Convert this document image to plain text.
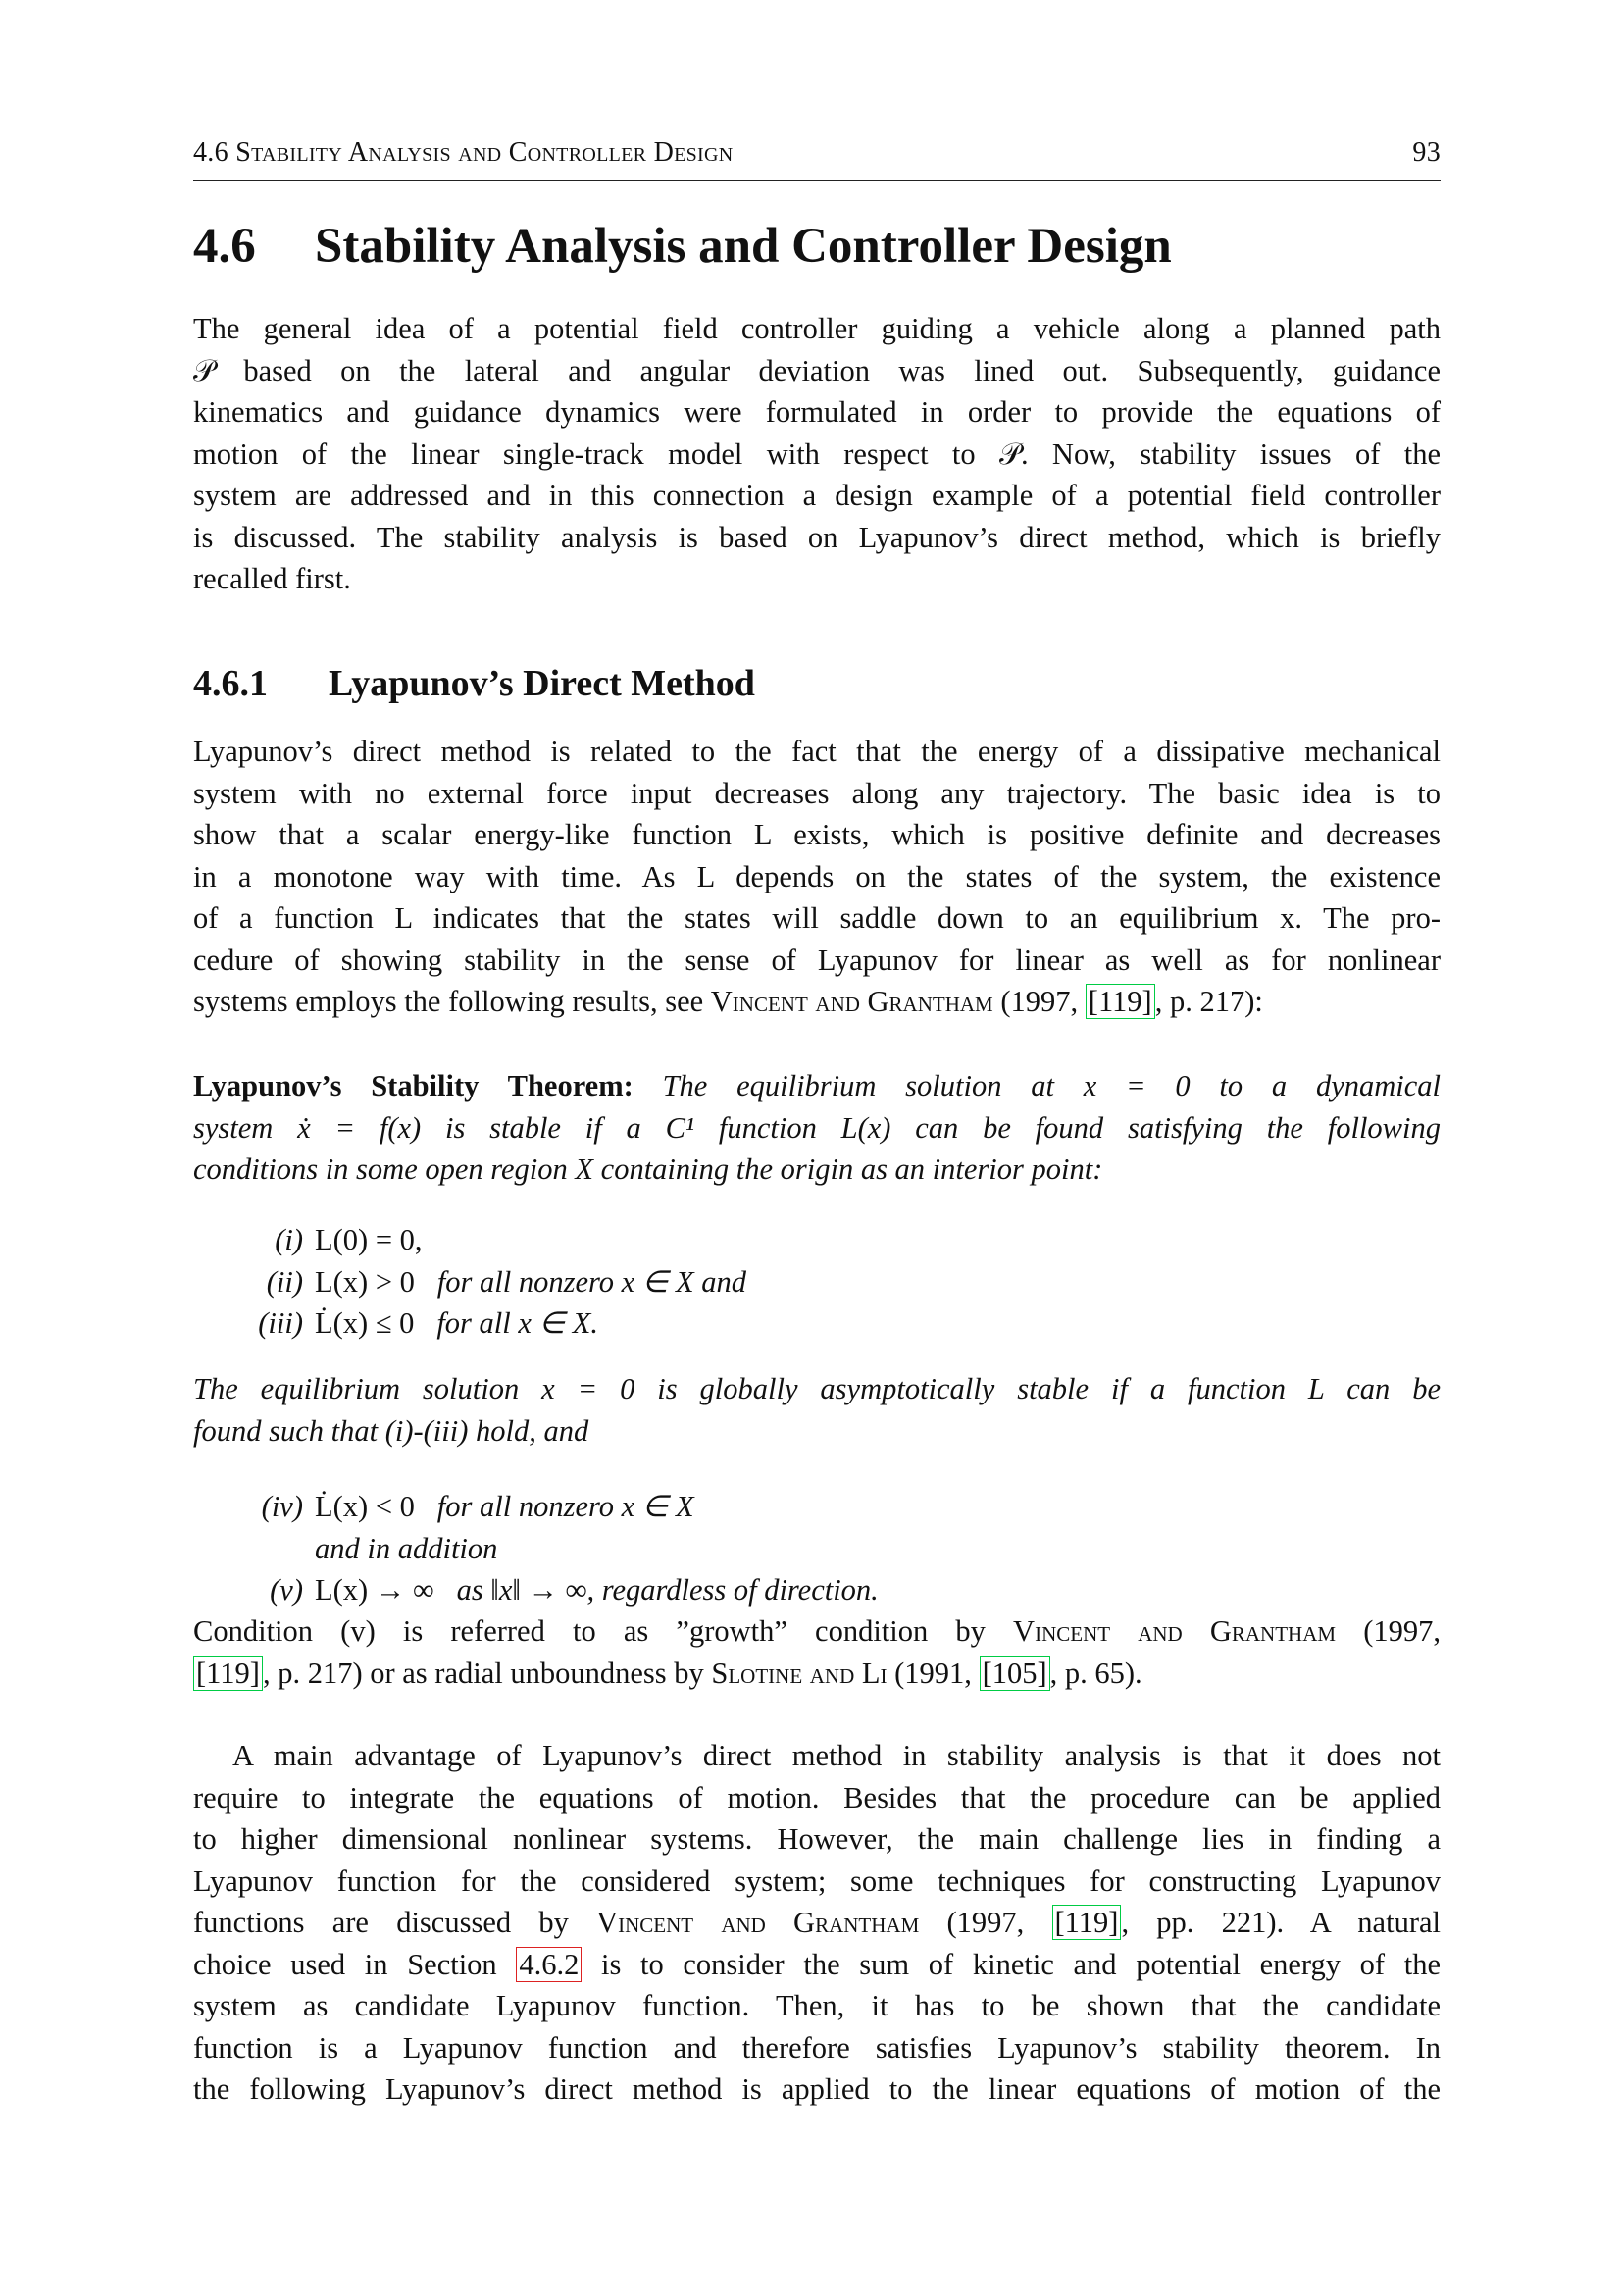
4.6 Stability Analysis and Controller Design	93
4.6 Stability Analysis and Controller Design
The general idea of a potential field controller guiding a vehicle along a planned path
𝒫 based on the lateral and angular deviation was lined out. Subsequently, guidance
kinematics and guidance dynamics were formulated in order to provide the equations of
motion of the linear single-track model with respect to 𝒫. Now, stability issues of the
system are addressed and in this connection a design example of a potential field controller
is discussed. The stability analysis is based on Lyapunov’s direct method, which is briefly
recalled first.
4.6.1 Lyapunov’s Direct Method
Lyapunov’s direct method is related to the fact that the energy of a dissipative mechanical
system with no external force input decreases along any trajectory. The basic idea is to
show that a scalar energy-like function L exists, which is positive definite and decreases
in a monotone way with time. As L depends on the states of the system, the existence
of a function L indicates that the states will saddle down to an equilibrium x. The pro-
cedure of showing stability in the sense of Lyapunov for linear as well as for nonlinear
systems employs the following results, see Vincent and Grantham (1997, [119], p. 217):
Lyapunov’s Stability Theorem: The equilibrium solution at x = 0 to a dynamical
system ẋ = f(x) is stable if a C¹ function L(x) can be found satisfying the following
conditions in some open region X containing the origin as an interior point:
(i) L(0) = 0,
(ii) L(x) > 0 for all nonzero x ∈ X and
(iii) L̇(x) ≤ 0 for all x ∈ X.
The equilibrium solution x = 0 is globally asymptotically stable if a function L can be
found such that (i)-(iii) hold, and
(iv) L̇(x) < 0 for all nonzero x ∈ X
and in addition
(v) L(x) → ∞ as ‖x‖ → ∞, regardless of direction.
Condition (v) is referred to as ”growth” condition by Vincent and Grantham (1997,
[119], p. 217) or as radial unboundness by Slotine and Li (1991, [105], p. 65).
A main advantage of Lyapunov’s direct method in stability analysis is that it does not
require to integrate the equations of motion. Besides that the procedure can be applied
to higher dimensional nonlinear systems. However, the main challenge lies in finding a
Lyapunov function for the considered system; some techniques for constructing Lyapunov
functions are discussed by Vincent and Grantham (1997, [119], pp. 221). A natural
choice used in Section 4.6.2 is to consider the sum of kinetic and potential energy of the
system as candidate Lyapunov function. Then, it has to be shown that the candidate
function is a Lyapunov function and therefore satisfies Lyapunov’s stability theorem. In
the following Lyapunov’s direct method is applied to the linear equations of motion of the
